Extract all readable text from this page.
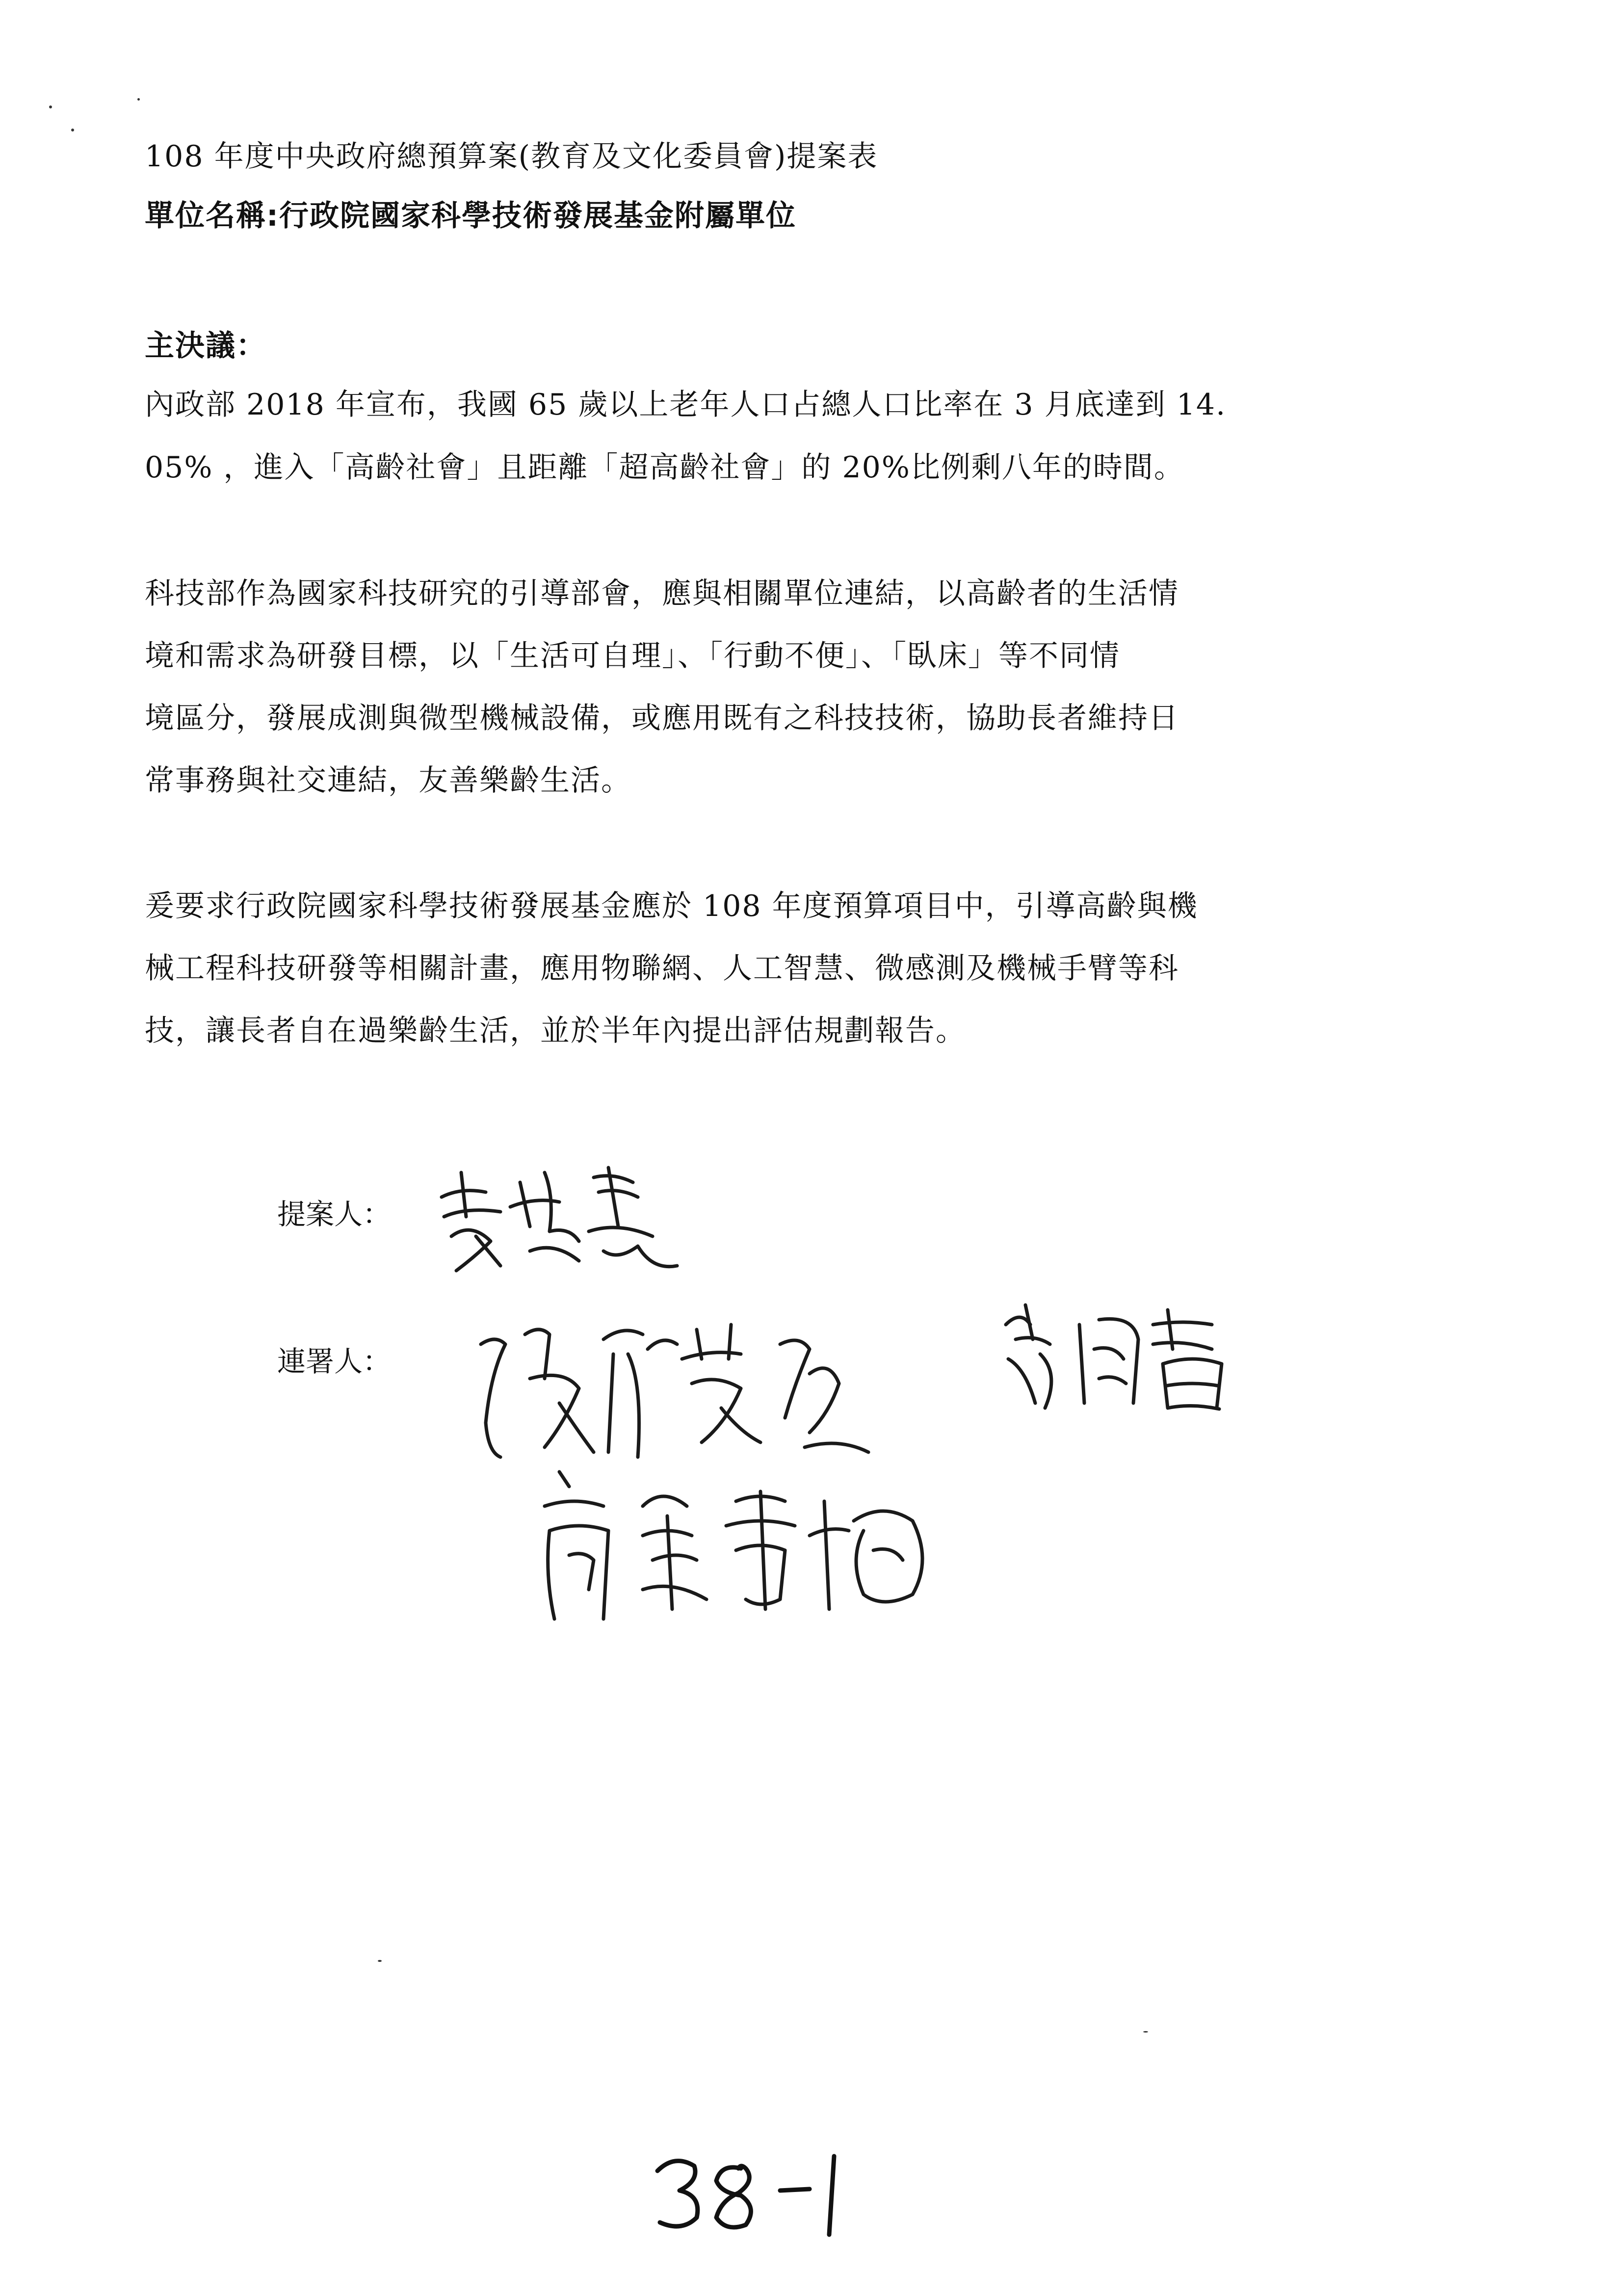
108 年度中央政府總預算案(教育及文化委員會)提案表
單位名稱:行政院國家科學技術發展基金附屬單位
主決議：
內政部 2018 年宣布，我國 65 歲以上老年人口占總人口比率在 3 月底達到 14.
05% ，進入「高齡社會」且距離「超高齡社會」的 20%比例剩八年的時間。
科技部作為國家科技研究的引導部會，應與相關單位連結，以高齡者的生活情
境和需求為研發目標，以「生活可自理」、「行動不便」、「臥床」等不同情
境區分，發展成測與微型機械設備，或應用既有之科技技術，協助長者維持日
常事務與社交連結，友善樂齡生活。
爰要求行政院國家科學技術發展基金應於 108 年度預算項目中，引導高齡與機
械工程科技研發等相關計畫，應用物聯網、人工智慧、微感測及機械手臂等科
技，讓長者自在過樂齡生活，並於半年內提出評估規劃報告。
提案人：
連署人：
